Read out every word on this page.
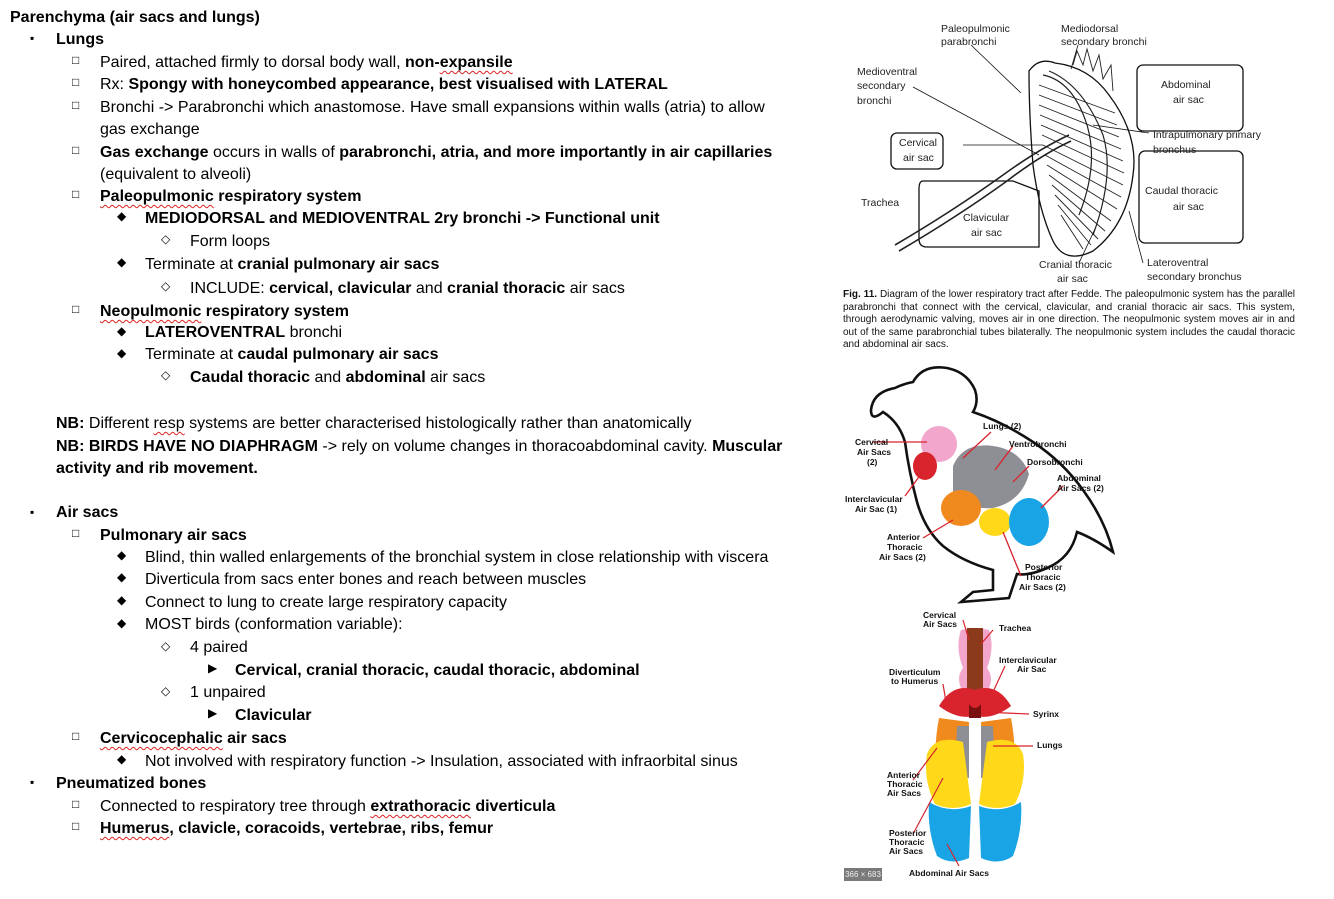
Parenchyma (air sacs and lungs)
▪ Lungs
□ Paired, attached firmly to dorsal body wall, non-expansile
□ Rx: Spongy with honeycombed appearance, best visualised with LATERAL
□ Bronchi -> Parabronchi which anastomose. Have small expansions within walls (atria) to allow
gas exchange
□ Gas exchange occurs in walls of parabronchi, atria, and more importantly in air capillaries
(equivalent to alveoli)
□ Paleopulmonic respiratory system
◆ MEDIODORSAL and MEDIOVENTRAL 2ry bronchi -> Functional unit
◇ Form loops
◆ Terminate at cranial pulmonary air sacs
◇ INCLUDE: cervical, clavicular and cranial thoracic air sacs
□ Neopulmonic respiratory system
◆ LATEROVENTRAL bronchi
◆ Terminate at caudal pulmonary air sacs
◇ Caudal thoracic and abdominal air sacs
NB: Different resp systems are better characterised histologically rather than anatomically
NB: BIRDS HAVE NO DIAPHRAGM -> rely on volume changes in thoracoabdominal cavity. Muscular
activity and rib movement.
▪ Air sacs
□ Pulmonary air sacs
◆ Blind, thin walled enlargements of the bronchial system in close relationship with viscera
◆ Diverticula from sacs enter bones and reach between muscles
◆ Connect to lung to create large respiratory capacity
◆ MOST birds (conformation variable):
◇ 4 paired
▶ Cervical, cranial thoracic, caudal thoracic, abdominal
◇ 1 unpaired
▶ Clavicular
□ Cervicocephalic air sacs
◆ Not involved with respiratory function -> Insulation, associated with infraorbital sinus
▪ Pneumatized bones
□ Connected to respiratory tree through extrathoracic diverticula
□ Humerus, clavicle, coracoids, vertebrae, ribs, femur
Paleopulmonic
parabronchi
Mediodorsal
secondary bronchi
Medioventral
secondary
bronchi
Abdominal
air sac
Cervical
air sac
Intrapulmonary primary
bronchus
Trachea
Caudal thoracic
air sac
Clavicular
air sac
Cranial thoracic
air sac
Lateroventral
secondary bronchus
Fig. 11. Diagram of the lower respiratory tract after Fedde. The paleopulmonic system has the parallel parabronchi that connect with the cervical, clavicular, and cranial thoracic air sacs. This system, through aerodynamic valving, moves air in one direction. The neopulmonic system moves air in and out of the same parabronchial tubes bilaterally. The neopulmonic system includes the caudal thoracic and abdominal air sacs.
Cervical
Air Sacs
(2)
Lungs (2)
Ventrobronchi
Dorsobronchi
Abdominal
Air Sacs (2)
Interclavicular
Air Sac (1)
Anterior
Thoracic
Air Sacs (2)
Posterior
Thoracic
Air Sacs (2)
Cervical
Air Sacs	Trachea
Interclavicular
Air Sac
Diverticulum
to Humerus
Syrinx
Lungs
Anterior
Thoracic
Air Sacs
Posterior
Thoracic
Air Sacs
Abdominal Air Sacs
366 × 683
